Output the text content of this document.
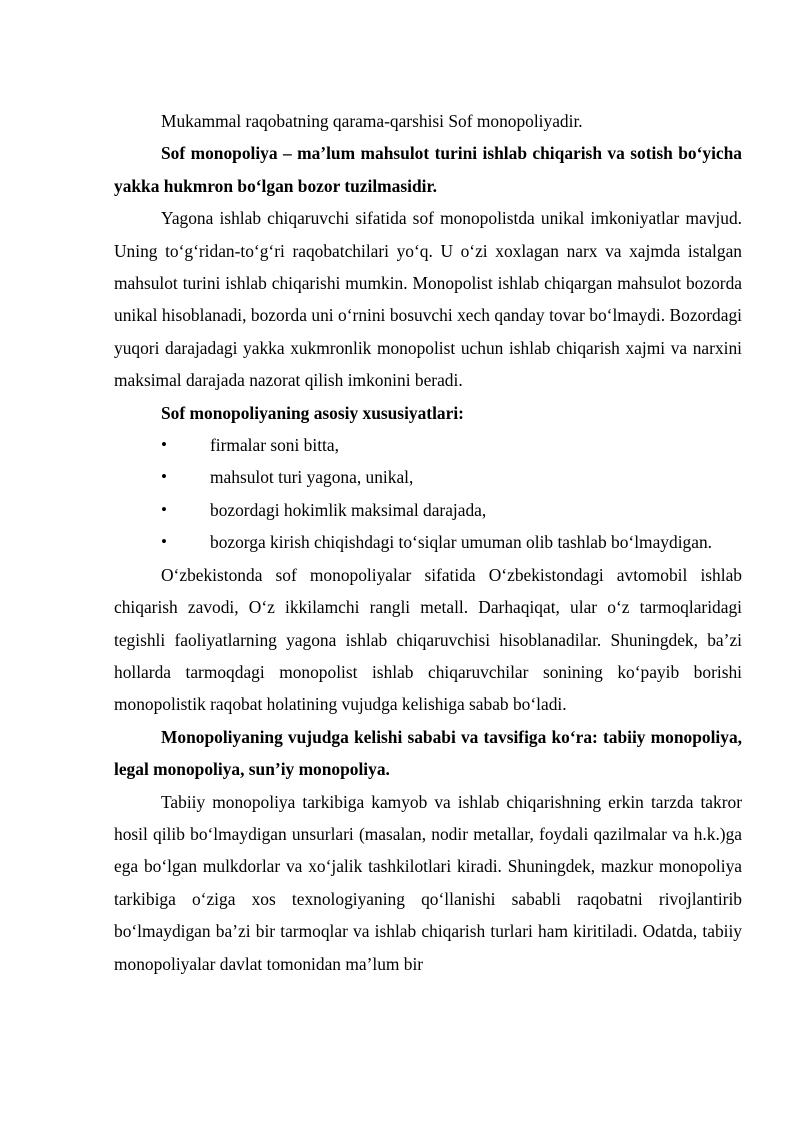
Mukammal raqobatning qarama-qarshisi Sof monopoliyadir.

Sof monopoliya – ma’lum mahsulot turini ishlab chiqarish va sotish bo‘yicha yakka hukmron bo‘lgan bozor tuzilmasidir.

Yagona ishlab chiqaruvchi sifatida sof monopolistda unikal imkoniyatlar mavjud. Uning to‘g‘ridan-to‘g‘ri raqobatchilari yo‘q. U o‘zi xoxlagan narx va xajmda istalgan mahsulot turini ishlab chiqarishi mumkin. Monopolist ishlab chiqargan mahsulot bozorda unikal hisoblanadi, bozorda uni o‘rnini bosuvchi xech qanday tovar bo‘lmaydi. Bozordagi yuqori darajadagi yakka xukmronlik monopolist uchun ishlab chiqarish xajmi va narxini maksimal darajada nazorat qilish imkonini beradi.

Sof monopoliyaning asosiy xususiyatlari:

• firmalar soni bitta,
• mahsulot turi yagona, unikal,
• bozordagi hokimlik maksimal darajada,
• bozorga kirish chiqishdagi to‘siqlar umuman olib tashlab bo‘lmaydigan.

O‘zbekistonda sof monopoliyalar sifatida O‘zbekistondagi avtomobil ishlab chiqarish zavodi, O‘z ikkilamchi rangli metall. Darhaqiqat, ular o‘z tarmoqlaridagi tegishli faoliyatlarning yagona ishlab chiqaruvchisi hisoblanadilar. Shuningdek, ba’zi hollarda tarmoqdagi monopolist ishlab chiqaruvchilar sonining ko‘payib borishi monopolistik raqobat holatining vujudga kelishiga sabab bo‘ladi.

Monopoliyaning vujudga kelishi sababi va tavsifiga ko‘ra: tabiiy monopoliya, legal monopoliya, sun’iy monopoliya.

Tabiiy monopoliya tarkibiga kamyob va ishlab chiqarishning erkin tarzda takror hosil qilib bo‘lmaydigan unsurlari (masalan, nodir metallar, foydali qazilmalar va h.k.)ga ega bo‘lgan mulkdorlar va xo‘jalik tashkilotlari kiradi. Shuningdek, mazkur monopoliya tarkibiga o‘ziga xos texnologiyaning qo‘llanishi sababli raqobatni rivojlantirib bo‘lmaydigan ba’zi bir tarmoqlar va ishlab chiqarish turlari ham kiritiladi. Odatda, tabiiy monopoliyalar davlat tomonidan ma’lum bir
